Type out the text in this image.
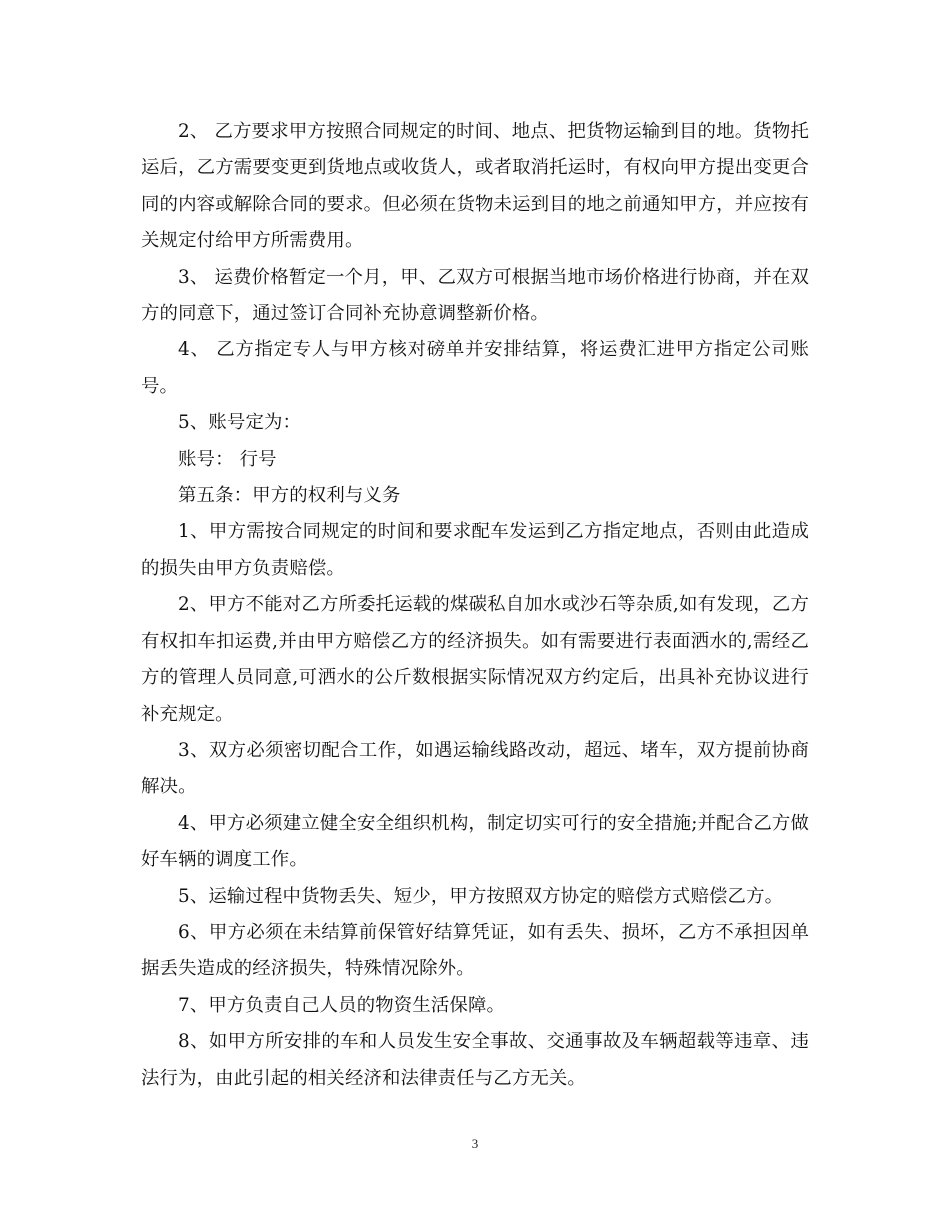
2、 乙方要求甲方按照合同规定的时间、地点、把货物运输到目的地。货物托运后，乙方需要变更到货地点或收货人，或者取消托运时，有权向甲方提出变更合同的内容或解除合同的要求。但必须在货物未运到目的地之前通知甲方，并应按有关规定付给甲方所需费用。

3、 运费价格暂定一个月，甲、乙双方可根据当地市场价格进行协商，并在双方的同意下，通过签订合同补充协意调整新价格。

4、 乙方指定专人与甲方核对磅单并安排结算，将运费汇进甲方指定公司账号。

5、账号定为：

账号： 行号

第五条：甲方的权利与义务

1、甲方需按合同规定的时间和要求配车发运到乙方指定地点，否则由此造成的损失由甲方负责赔偿。

2、甲方不能对乙方所委托运载的煤碳私自加水或沙石等杂质,如有发现，乙方有权扣车扣运费,并由甲方赔偿乙方的经济损失。如有需要进行表面洒水的,需经乙方的管理人员同意,可洒水的公斤数根据实际情况双方约定后，出具补充协议进行补充规定。

3、双方必须密切配合工作，如遇运输线路改动，超远、堵车，双方提前协商解决。

4、甲方必须建立健全安全组织机构，制定切实可行的安全措施;并配合乙方做好车辆的调度工作。

5、运输过程中货物丢失、短少，甲方按照双方协定的赔偿方式赔偿乙方。

6、甲方必须在未结算前保管好结算凭证，如有丢失、损坏，乙方不承担因单据丢失造成的经济损失，特殊情况除外。

7、甲方负责自己人员的物资生活保障。

8、如甲方所安排的车和人员发生安全事故、交通事故及车辆超载等违章、违法行为，由此引起的相关经济和法律责任与乙方无关。

3
